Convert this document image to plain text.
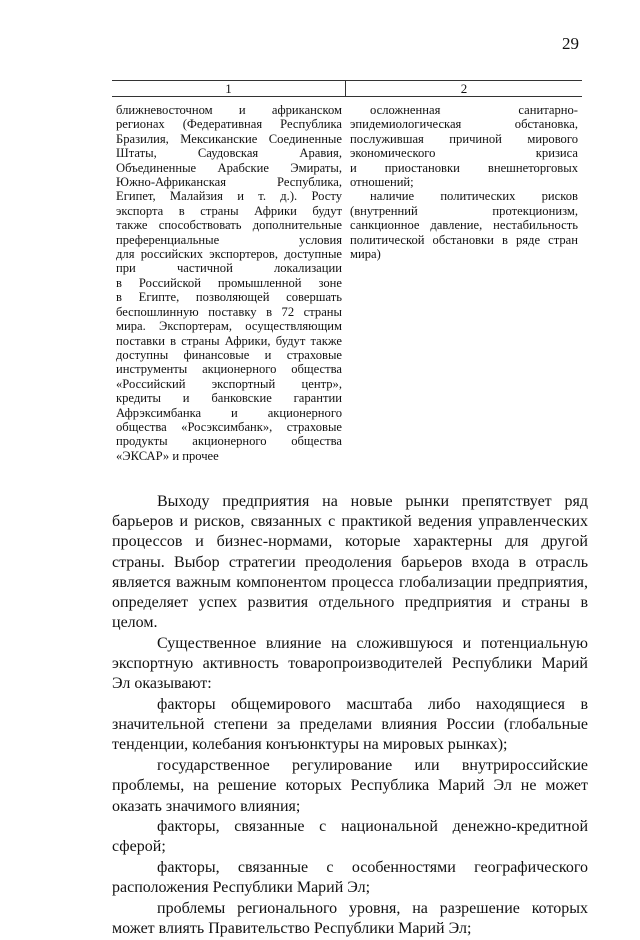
29
1	2
ближневосточном и африканском
регионах (Федеративная Республика
Бразилия, Мексиканские Соединенные
Штаты, Саудовская Аравия,
Объединенные Арабские Эмираты,
Южно-Африканская Республика,
Египет, Малайзия и т. д.). Росту
экспорта в страны Африки будут
также способствовать дополнительные
преференциальные условия
для российских экспортеров, доступные
при частичной локализации
в Российской промышленной зоне
в Египте, позволяющей совершать
беспошлинную поставку в 72 страны
мира. Экспортерам, осуществляющим
поставки в страны Африки, будут также
доступны финансовые и страховые
инструменты акционерного общества
«Российский экспортный центр»,
кредиты и банковские гарантии
Афрэксимбанка и акционерного
общества «Росэксимбанк», страховые
продукты акционерного общества
«ЭКСАР» и прочее
осложненная санитарно-
эпидемиологическая обстановка,
послужившая причиной мирового
экономического кризиса
и приостановки внешнеторговых
отношений;
наличие политических рисков
(внутренний протекционизм,
санкционное давление, нестабильность
политической обстановки в ряде стран
мира)

Выходу предприятия на новые рынки препятствует ряд барьеров и рисков, связанных с практикой ведения управленческих процессов и бизнес-нормами, которые характерны для другой страны. Выбор стратегии преодоления барьеров входа в отрасль является важным компонентом процесса глобализации предприятия, определяет успех развития отдельного предприятия и страны в целом.

Существенное влияние на сложившуюся и потенциальную экспортную активность товаропроизводителей Республики Марий Эл оказывают:

факторы общемирового масштаба либо находящиеся в значительной степени за пределами влияния России (глобальные тенденции, колебания конъюнктуры на мировых рынках);

государственное регулирование или внутрироссийские проблемы, на решение которых Республика Марий Эл не может оказать значимого влияния;

факторы, связанные с национальной денежно-кредитной сферой;

факторы, связанные с особенностями географического расположения Республики Марий Эл;

проблемы регионального уровня, на разрешение которых может влиять Правительство Республики Марий Эл;
